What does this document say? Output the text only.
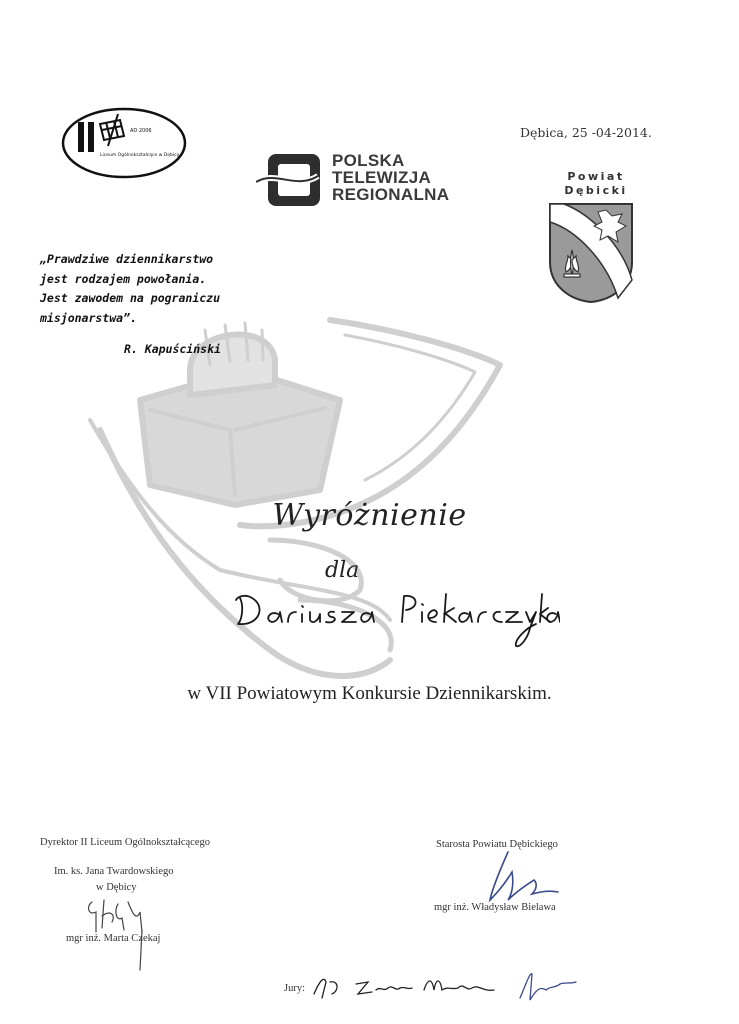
Dębica, 25 -04-2014.
AD 2006
Liceum Ogólnokształcące w Dębicy	POLSKA
TELEWIZJA
REGIONALNA
Powiat
Dębicki
„Prawdziwe dziennikarstwo
jest rodzajem powołania.
Jest zawodem na pograniczu
misjonarstwa”.
R. Kapuściński
Wyróżnienie
dla
w VII Powiatowym Konkursie Dziennikarskim.
Dyrektor II Liceum Ogólnokształcącego
Im. ks. Jana Twardowskiego
w Dębicy
mgr inż. Marta Czekaj
Starosta Powiatu Dębickiego
mgr inż. Władysław Bielawa
Jury:
